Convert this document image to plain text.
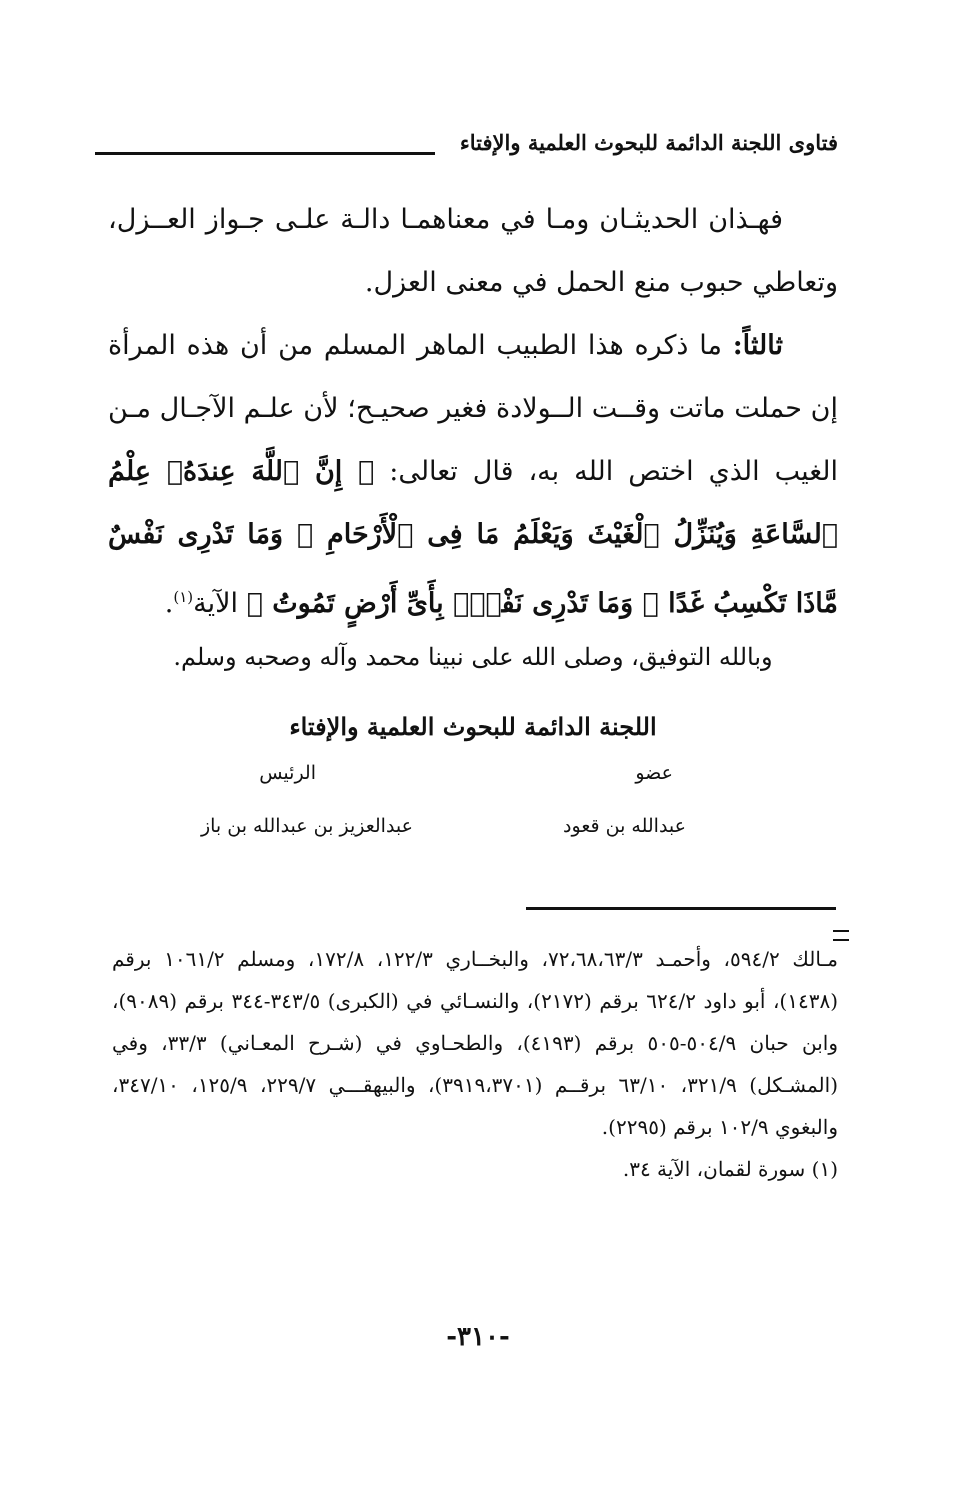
فتاوى اللجنة الدائمة للبحوث العلمية والإفتاء

فهـذان الحديثـان ومـا في معناهمـا دالـة علـى جـواز العــزل، وتعاطي حبوب منع الحمل في معنى العزل.

ثالثاً: ما ذكره هذا الطبيب الماهر المسلم من أن هذه المرأة إن حملت ماتت وقــت الــولادة فغير صحيـح؛ لأن علـم الآجـال مـن الغيب الذي اختص الله به، قال تعالى: ﴿ إِنَّ ٱللَّهَ عِندَهُۥ عِلْمُ ٱلسَّاعَةِ وَيُنَزِّلُ ٱلْغَيْثَ وَيَعْلَمُ مَا فِى ٱلْأَرْحَامِ ۖ وَمَا تَدْرِى نَفْسٌ مَّاذَا تَكْسِبُ غَدًا ۖ وَمَا تَدْرِى نَفْسٌۢ بِأَىِّ أَرْضٍ تَمُوتُ ﴾ الآية$^{(١)}$.

وبالله التوفيق، وصلى الله على نبينا محمد وآله وصحبه وسلم.
اللجنة الدائمة للبحوث العلمية والإفتاء
عضو
عبدالله بن قعود
الرئيس
عبدالعزيز بن عبدالله بن باز

مـالك ٥٩٤/٢، وأحمـد ٧٢،٦٨،٦٣/٣، والبخــاري ١٢٢/٣، ١٧٢/٨، ومسلم ١٠٦١/٢ برقم (١٤٣٨)، أبو داود ٦٢٤/٢ برقم (٢١٧٢)، والنسـائي في (الكبرى) ٣٤٣/٥-٣٤٤ برقم (٩٠٨٩)، وابن حبان ٥٠٤/٩-٥٠٥ برقم (٤١٩٣)، والطحـاوي في (شـرح المعـاني) ٣٣/٣، وفي (المشـكل) ٣٢١/٩، ٦٣/١٠ برقــم (٣٩١٩،٣٧٠١)، والبيهقـــي ٢٢٩/٧، ١٢٥/٩، ٣٤٧/١٠، والبغوي ١٠٢/٩ برقم (٢٢٩٥).

(١) سورة لقمان، الآية ٣٤.

-٣١٠-
